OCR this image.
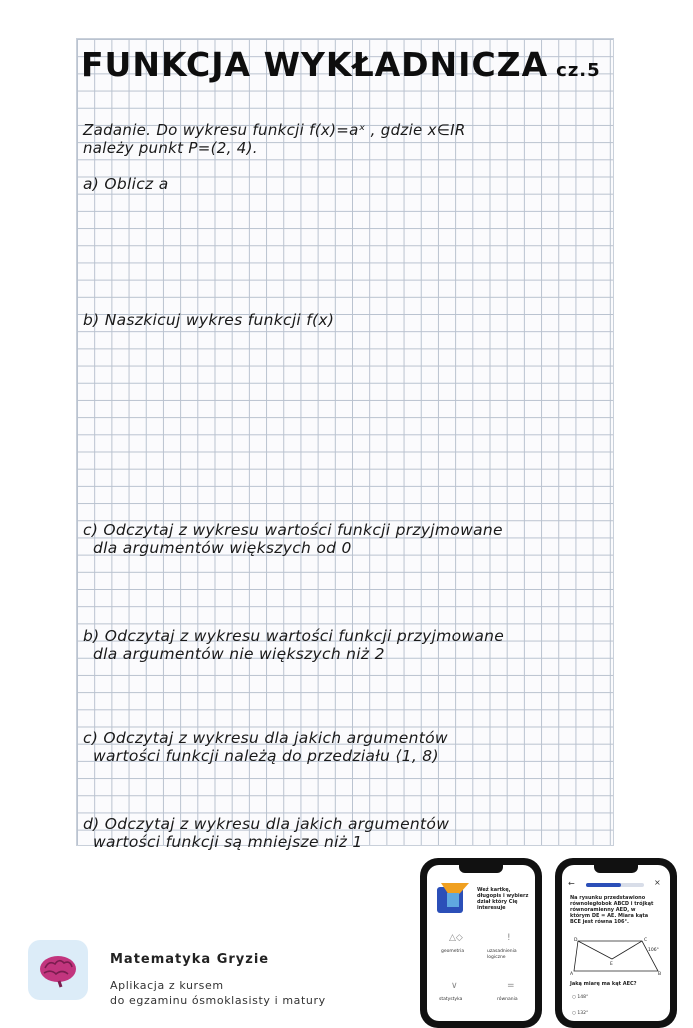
FUNKCJA WYKŁADNICZA cz.5
Zadanie. Do wykresu funkcji f(x)=aˣ , gdzie x∈IR
należy punkt P=(2, 4).
a) Oblicz a
b) Naszkicuj wykres funkcji f(x)
c) Odczytaj z wykresu wartości funkcji przyjmowane
dla argumentów większych od 0
b) Odczytaj z wykresu wartości funkcji przyjmowane
dla argumentów nie większych niż 2
c) Odczytaj z wykresu dla jakich argumentów
wartości funkcji należą do przedziału ⟨1, 8)
d) Odczytaj z wykresu dla jakich argumentów
wartości funkcji są mniejsze niż 1
Matematyka Gryzie
Aplikacja z kursem
do egzaminu ósmoklasisty i matury
Weź kartkę, długopis i wybierz dział który Cię interesuje
△◇
geometria
!
uzasadnienia logiczne
∨
statystyka
=
równania
←	×
Na rysunku przedstawiono równoległobok ABCD i trójkąt równoramienny AED, w którym DE = AE. Miara kąta BCE jest równa 106°.
D
E
C
A	B
106°
Jaką miarę ma kąt AEC?
○ 148°
○ 132°
